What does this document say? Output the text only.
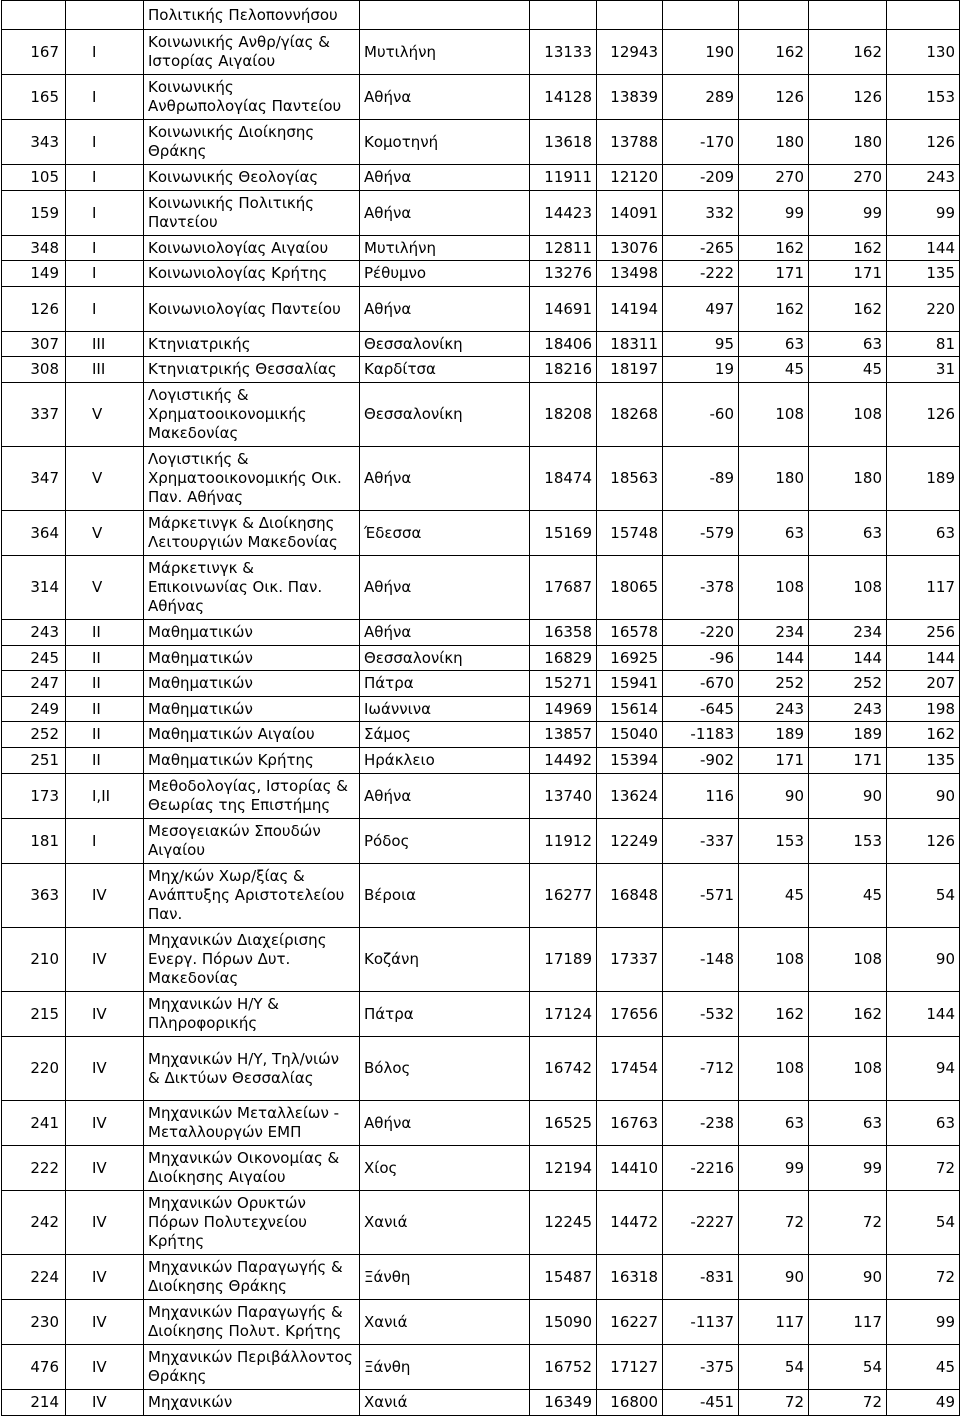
		Πολιτικής Πελοποννήσου							
167	I	Κοινωνικής Ανθρ/γίας & Ιστορίας Αιγαίου	Μυτιλήνη	13133	12943	190	162	162	130
165	I	Κοινωνικής Ανθρωπολογίας Παντείου	Αθήνα	14128	13839	289	126	126	153
343	I	Κοινωνικής Διοίκησης Θράκης	Κομοτηνή	13618	13788	-170	180	180	126
105	I	Κοινωνικής Θεολογίας	Αθήνα	11911	12120	-209	270	270	243
159	I	Κοινωνικής Πολιτικής Παντείου	Αθήνα	14423	14091	332	99	99	99
348	I	Κοινωνιολογίας Αιγαίου	Μυτιλήνη	12811	13076	-265	162	162	144
149	I	Κοινωνιολογίας Κρήτης	Ρέθυμνο	13276	13498	-222	171	171	135
126	I	Κοινωνιολογίας Παντείου	Αθήνα	14691	14194	497	162	162	220
307	III	Κτηνιατρικής	Θεσσαλονίκη	18406	18311	95	63	63	81
308	III	Κτηνιατρικής Θεσσαλίας	Καρδίτσα	18216	18197	19	45	45	31
337	V	Λογιστικής & Χρηματοοικονομικής Μακεδονίας	Θεσσαλονίκη	18208	18268	-60	108	108	126
347	V	Λογιστικής & Χρηματοοικονομικής Οικ. Παν. Αθήνας	Αθήνα	18474	18563	-89	180	180	189
364	V	Μάρκετινγκ & Διοίκησης Λειτουργιών Μακεδονίας	Έδεσσα	15169	15748	-579	63	63	63
314	V	Μάρκετινγκ & Επικοινωνίας Οικ. Παν. Αθήνας	Αθήνα	17687	18065	-378	108	108	117
243	II	Μαθηματικών	Αθήνα	16358	16578	-220	234	234	256
245	II	Μαθηματικών	Θεσσαλονίκη	16829	16925	-96	144	144	144
247	II	Μαθηματικών	Πάτρα	15271	15941	-670	252	252	207
249	II	Μαθηματικών	Ιωάννινα	14969	15614	-645	243	243	198
252	II	Μαθηματικών Αιγαίου	Σάμος	13857	15040	-1183	189	189	162
251	II	Μαθηματικών Κρήτης	Ηράκλειο	14492	15394	-902	171	171	135
173	I,II	Μεθοδολογίας, Ιστορίας & Θεωρίας της Επιστήμης	Αθήνα	13740	13624	116	90	90	90
181	I	Μεσογειακών Σπουδών Αιγαίου	Ρόδος	11912	12249	-337	153	153	126
363	IV	Μηχ/κών Χωρ/ξίας & Ανάπτυξης Αριστοτελείου Παν.	Βέροια	16277	16848	-571	45	45	54
210	IV	Μηχανικών Διαχείρισης Ενεργ. Πόρων Δυτ. Μακεδονίας	Κοζάνη	17189	17337	-148	108	108	90
215	IV	Μηχανικών Η/Υ & Πληροφορικής	Πάτρα	17124	17656	-532	162	162	144
220	IV	Μηχανικών Η/Υ, Τηλ/νιών & Δικτύων Θεσσαλίας	Βόλος	16742	17454	-712	108	108	94
241	IV	Μηχανικών Μεταλλείων - Μεταλλουργών ΕΜΠ	Αθήνα	16525	16763	-238	63	63	63
222	IV	Μηχανικών Οικονομίας & Διοίκησης Αιγαίου	Χίος	12194	14410	-2216	99	99	72
242	IV	Μηχανικών Ορυκτών Πόρων Πολυτεχνείου Κρήτης	Χανιά	12245	14472	-2227	72	72	54
224	IV	Μηχανικών Παραγωγής & Διοίκησης Θράκης	Ξάνθη	15487	16318	-831	90	90	72
230	IV	Μηχανικών Παραγωγής & Διοίκησης Πολυτ. Κρήτης	Χανιά	15090	16227	-1137	117	117	99
476	IV	Μηχανικών Περιβάλλοντος Θράκης	Ξάνθη	16752	17127	-375	54	54	45
214	IV	Μηχανικών	Χανιά	16349	16800	-451	72	72	49
